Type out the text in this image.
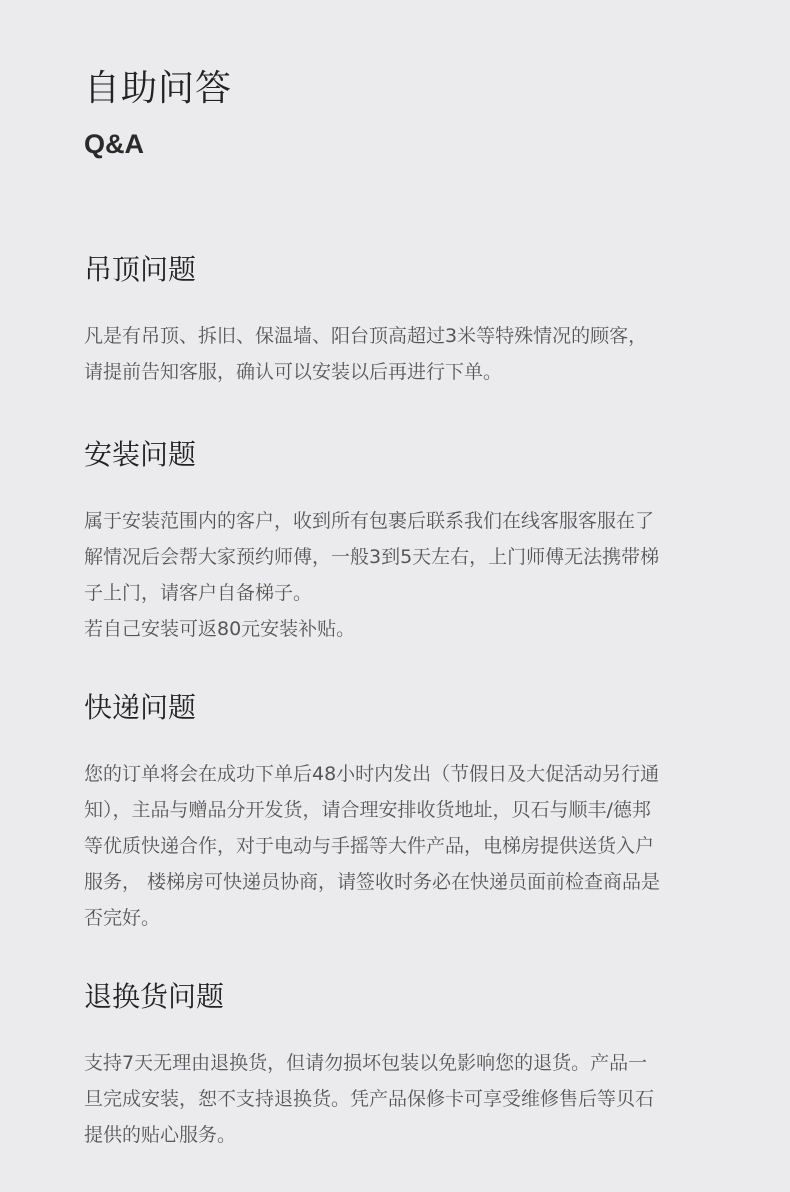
自助问答
Q&A
吊顶问题

凡是有吊顶、拆旧、保温墙、阳台顶高超过3米等特殊情况的顾客，

请提前告知客服，确认可以安装以后再进行下单。

安装问题

属于安装范围内的客户，收到所有包裹后联系我们在线客服客服在了

解情况后会帮大家预约师傅，一般3到5天左右，上门师傅无法携带梯

子上门，请客户自备梯子。

若自己安装可返80元安装补贴。

快递问题

您的订单将会在成功下单后48小时内发出（节假日及大促活动另行通

知），主品与赠品分开发货，请合理安排收货地址，贝石与顺丰/德邦

等优质快递合作，对于电动与手摇等大件产品，电梯房提供送货入户

服务， 楼梯房可快递员协商，请签收时务必在快递员面前检查商品是

否完好。

退换货问题

支持7天无理由退换货，但请勿损坏包装以免影响您的退货。产品一

旦完成安装，恕不支持退换货。凭产品保修卡可享受维修售后等贝石

提供的贴心服务。
